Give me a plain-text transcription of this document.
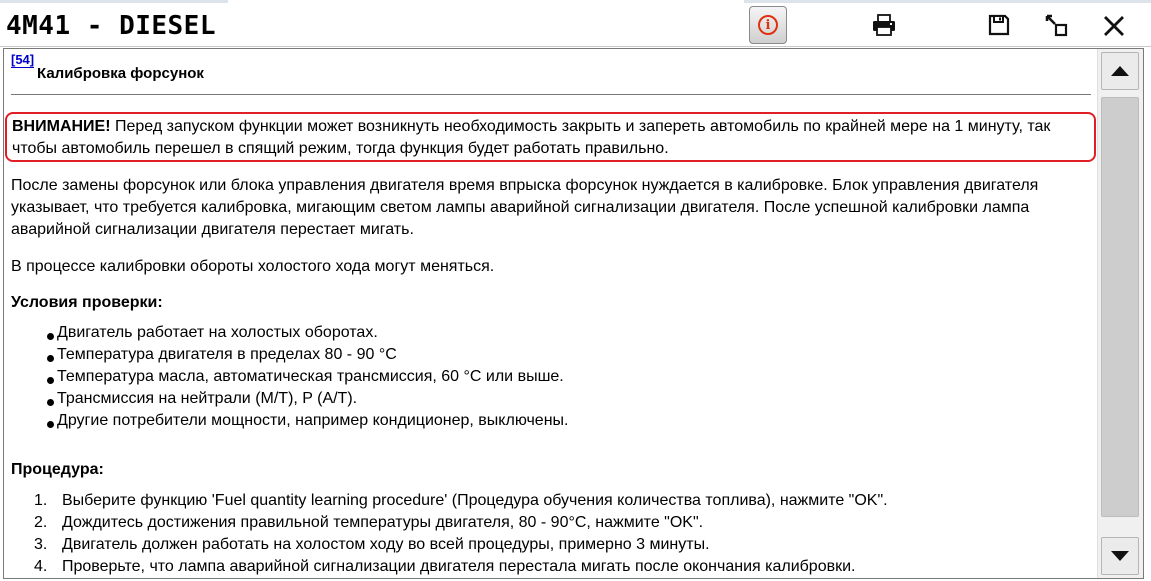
4M41 - DIESEL	i
[54]
Калибровка форсунок
ВНИМАНИЕ! Перед запуском функции может возникнуть необходимость закрыть и запереть автомобиль по крайней мере на 1 минуту, так чтобы автомобиль перешел в спящий режим, тогда функция будет работать правильно.
После замены форсунок или блока управления двигателя время впрыска форсунок нуждается в калибровке. Блок управления двигателя указывает, что требуется калибровка, мигающим светом лампы аварийной сигнализации двигателя. После успешной калибровки лампа аварийной сигнализации двигателя перестает мигать.
В процессе калибровки обороты холостого хода могут меняться.
Условия проверки:
Двигатель работает на холостых оборотах.
Температура двигателя в пределах 80 - 90 °C
Температура масла, автоматическая трансмиссия, 60 °C или выше.
Трансмиссия на нейтрали (M/T), P (A/T).
Другие потребители мощности, например кондиционер, выключены.
Процедура:
1. Выберите функцию 'Fuel quantity learning procedure' (Процедура обучения количества топлива), нажмите "OK".
2. Дождитесь достижения правильной температуры двигателя, 80 - 90°C, нажмите "OK".
3. Двигатель должен работать на холостом ходу во всей процедуры, примерно 3 минуты.
4. Проверьте, что лампа аварийной сигнализации двигателя перестала мигать после окончания калибровки.
